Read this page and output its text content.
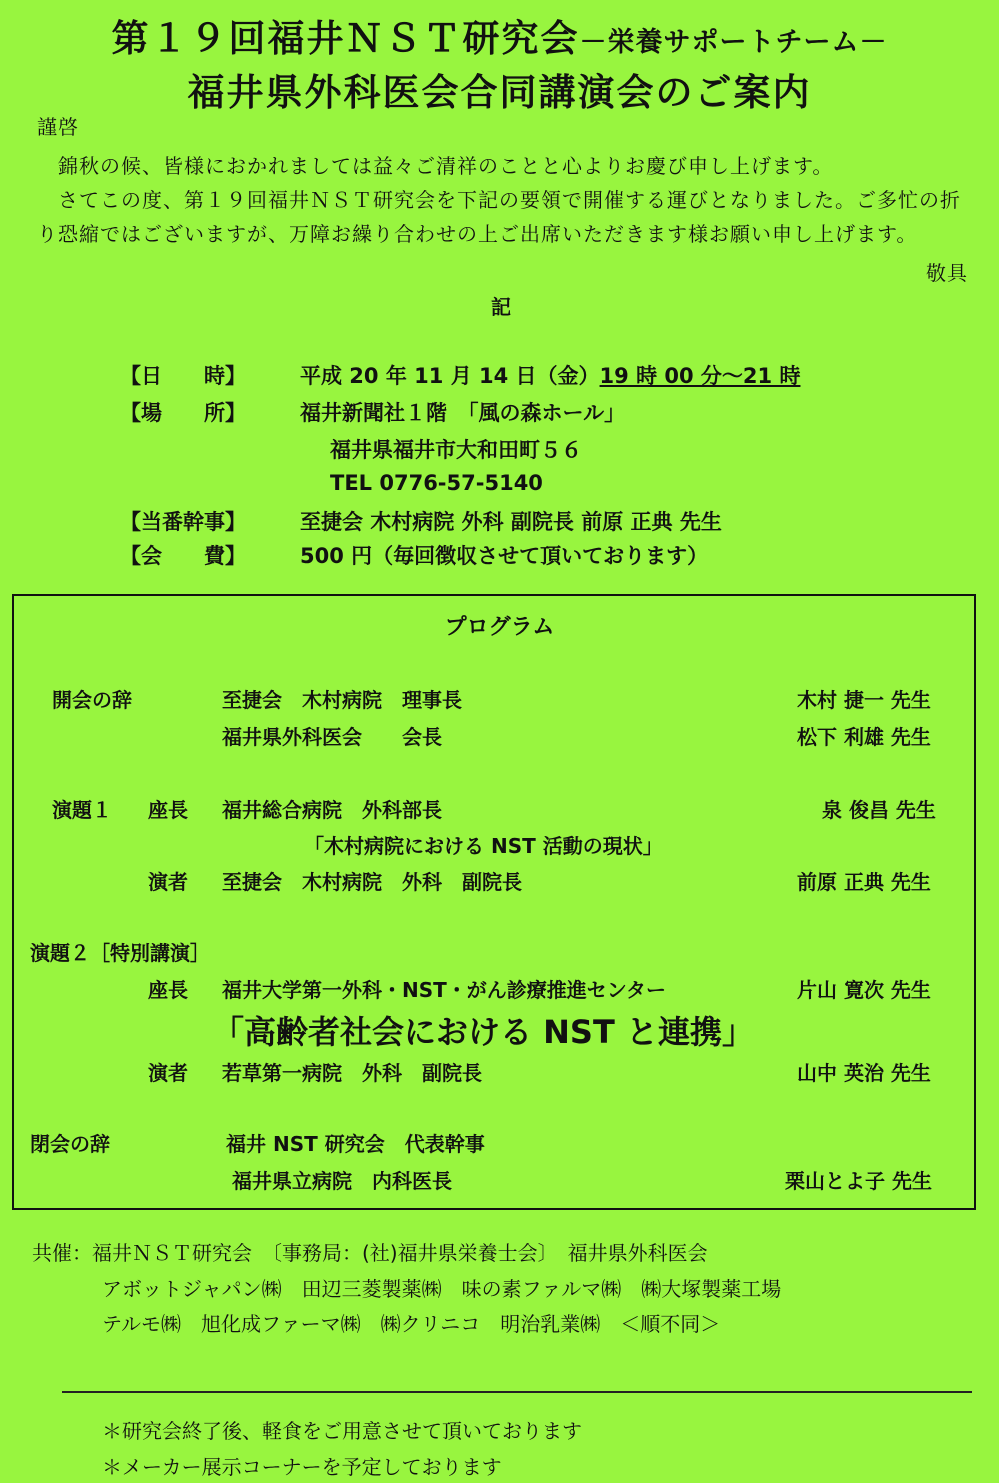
第１９回福井ＮＳＴ研究会－栄養サポートチーム－
福井県外科医会合同講演会のご案内
謹啓
錦秋の候、皆様におかれましては益々ご清祥のことと心よりお慶び申し上げます。
さてこの度、第１９回福井ＮＳＴ研究会を下記の要領で開催する運びとなりました。ご多忙の折
り恐縮ではございますが、万障お繰り合わせの上ご出席いただきます様お願い申し上げます。
敬具
記
【日　　時】	平成 20 年 11 月 14 日（金）19 時 00 分～21 時
【場　　所】	福井新聞社１階　「風の森ホール」
福井県福井市大和田町５６
TEL 0776-57-5140
【当番幹事】	至捷会 木村病院 外科 副院長 前原 正典 先生
【会　　費】	500 円（毎回徴収させて頂いております）
プログラム
開会の辞	至捷会　木村病院　理事長	木村 捷一 先生
福井県外科医会　　会長	松下 利雄 先生
演題１ 座長 福井総合病院　外科部長	泉 俊昌 先生
「木村病院における NST 活動の現状」
演者 至捷会　木村病院　外科　副院長	前原 正典 先生
演題２［特別講演］
座長 福井大学第一外科・NST・がん診療推進センター	片山 寛次 先生
「高齢者社会における NST と連携」
演者 若草第一病院　外科　副院長	山中 英治 先生
閉会の辞	福井 NST 研究会　代表幹事
福井県立病院　内科医長	栗山とよ子 先生
共催：福井ＮＳＴ研究会　〔事務局：(社)福井県栄養士会〕　福井県外科医会
アボットジャパン㈱　田辺三菱製薬㈱　味の素ファルマ㈱　㈱大塚製薬工場
テルモ㈱　旭化成ファーマ㈱　㈱クリニコ　明治乳業㈱　＜順不同＞
＊研究会終了後、軽食をご用意させて頂いております
＊メーカー展示コーナーを予定しております
